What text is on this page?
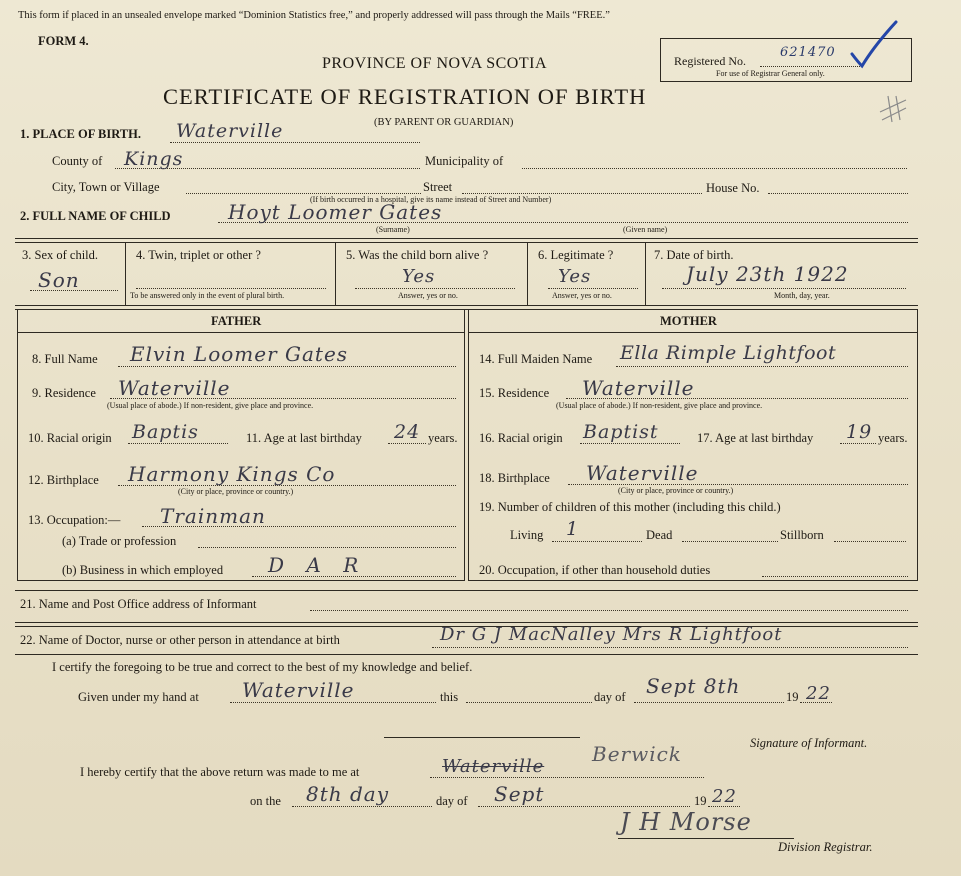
This form if placed in an unsealed envelope marked “Dominion Statistics free,” and properly addressed will pass through the Mails “FREE.”
FORM 4.
PROVINCE OF NOVA SCOTIA
CERTIFICATE OF REGISTRATION OF BIRTH
(BY PARENT OR GUARDIAN)
Registered No.
621470
For use of Registrar General only.
1. PLACE OF BIRTH. Waterville
County of Kings	Municipality of
City, Town or Village	Street	House No.
(If birth occurred in a hospital, give its name instead of Street and Number)
2. FULL NAME OF CHILD	Hoyt Loomer Gates
(Surname)	(Given name)
3. Sex of child.
Son
4. Twin, triplet or other ?
To be answered only in the event of plural birth.
5. Was the child born alive ?
Yes
Answer, yes or no.
6. Legitimate ?
Yes
Answer, yes or no.
7. Date of birth.
July 23th 1922
Month, day, year.
FATHER	MOTHER
8. Full Name Elvin Loomer Gates
9. Residence Waterville
(Usual place of abode.) If non-resident, give place and province.
10. Racial origin Baptis	11. Age at last birthday 24 years.
12. Birthplace Harmony Kings Co
(City or place, province or country.)
13. Occupation:— Trainman
(a) Trade or profession
(b) Business in which employed D A R
14. Full Maiden Name Ella Rimple Lightfoot
15. Residence Waterville
(Usual place of abode.) If non-resident, give place and province.
16. Racial origin Baptist	17. Age at last birthday 19 years.
18. Birthplace Waterville
(City or place, province or country.)
19. Number of children of this mother (including this child.)
Living 1	Dead	Stillborn
20. Occupation, if other than household duties
21. Name and Post Office address of Informant
22. Name of Doctor, nurse or other person in attendance at birth	Dr G J MacNalley Mrs R Lightfoot
I certify the foregoing to be true and correct to the best of my knowledge and belief.
Given under my hand at Waterville	this	day of Sept 8th	19 22
Signature of Informant.
I hereby certify that the above return was made to me at	Waterville
Berwick
on the 8th day	day of Sept	19 22
J H Morse
Division Registrar.
